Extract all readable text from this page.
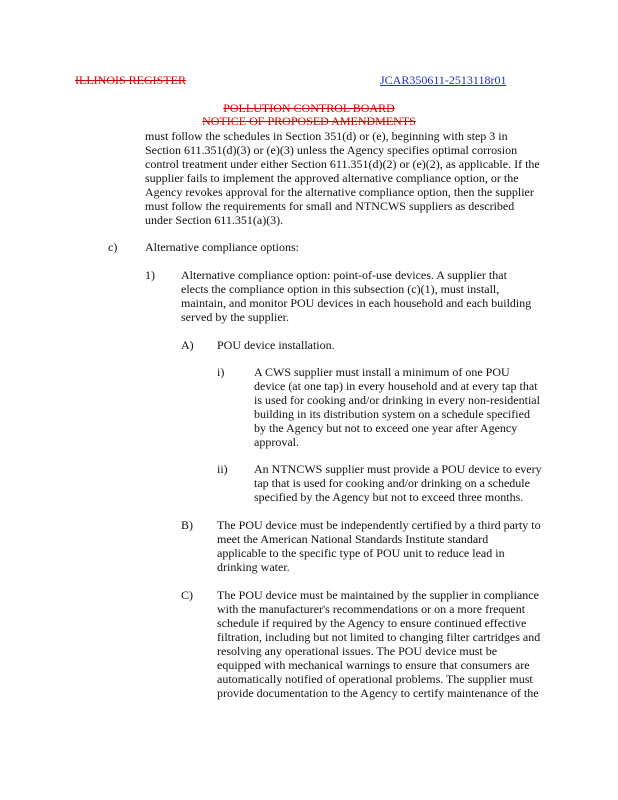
ILLINOIS REGISTER	JCAR350611-2513118r01
POLLUTION CONTROL BOARD
NOTICE OF PROPOSED AMENDMENTS
must follow the schedules in Section 351(d) or (e), beginning with step 3 in
Section 611.351(d)(3) or (e)(3) unless the Agency specifies optimal corrosion
control treatment under either Section 611.351(d)(2) or (e)(2), as applicable. If the
supplier fails to implement the approved alternative compliance option, or the
Agency revokes approval for the alternative compliance option, then the supplier
must follow the requirements for small and NTNCWS suppliers as described
under Section 611.351(a)(3).
c) Alternative compliance options:
1) Alternative compliance option: point-of-use devices. A supplier that
elects the compliance option in this subsection (c)(1), must install,
maintain, and monitor POU devices in each household and each building
served by the supplier.
A) POU device installation.
i) A CWS supplier must install a minimum of one POU
device (at one tap) in every household and at every tap that
is used for cooking and/or drinking in every non-residential
building in its distribution system on a schedule specified
by the Agency but not to exceed one year after Agency
approval.
ii) An NTNCWS supplier must provide a POU device to every
tap that is used for cooking and/or drinking on a schedule
specified by the Agency but not to exceed three months.
B) The POU device must be independently certified by a third party to
meet the American National Standards Institute standard
applicable to the specific type of POU unit to reduce lead in
drinking water.
C) The POU device must be maintained by the supplier in compliance
with the manufacturer's recommendations or on a more frequent
schedule if required by the Agency to ensure continued effective
filtration, including but not limited to changing filter cartridges and
resolving any operational issues. The POU device must be
equipped with mechanical warnings to ensure that consumers are
automatically notified of operational problems. The supplier must
provide documentation to the Agency to certify maintenance of the
